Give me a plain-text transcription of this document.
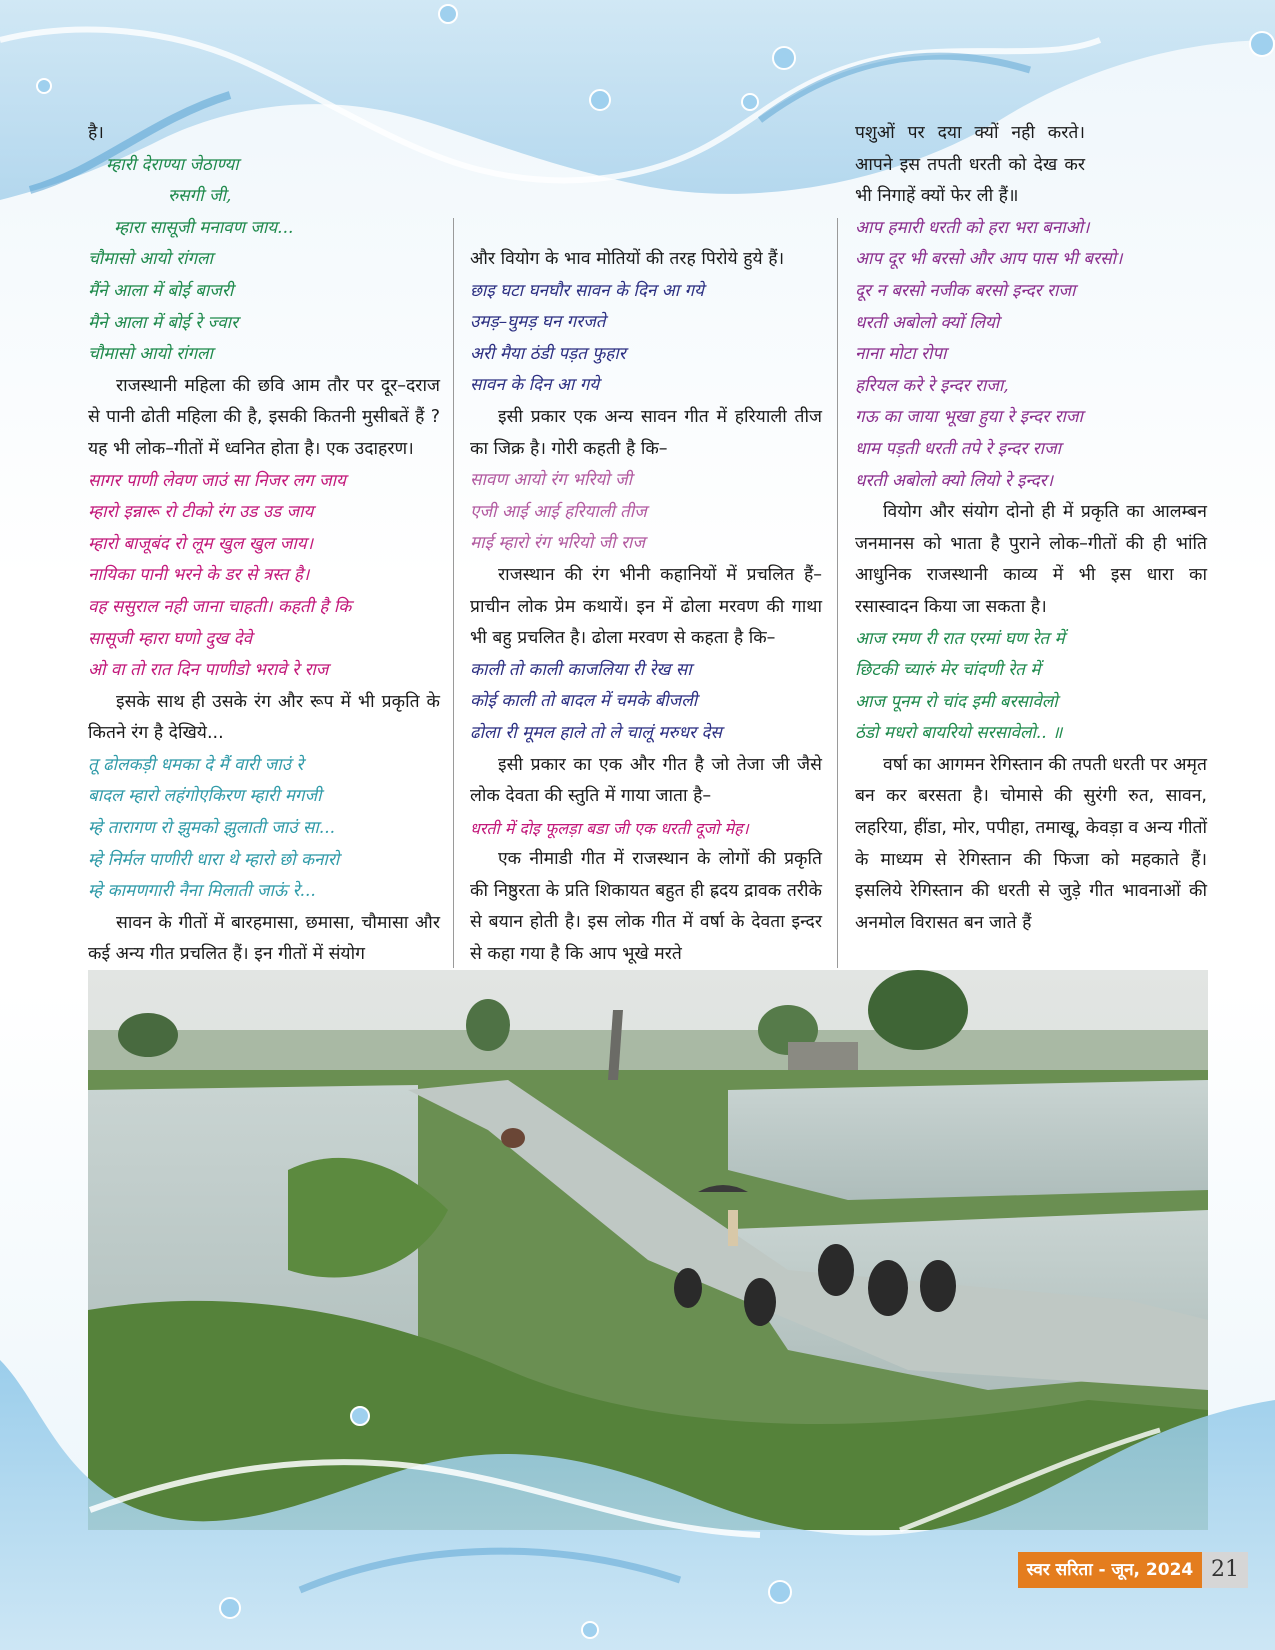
है।

म्हारी देराण्या जेठाण्या

रुसगी जी,

म्हारा सासूजी मनावण जाय...

चौमासो आयो रांगला

मैंने आला में बोई बाजरी

मैने आला में बोई रे ज्वार

चौमासो आयो रांगला

राजस्थानी महिला की छवि आम तौर पर दूर–दराज से पानी ढोती महिला की है, इसकी कितनी मुसीबतें हैं ? यह भी लोक–गीतों में ध्वनित होता है। एक उदाहरण।

सागर पाणी लेवण जाउं सा निजर लग जाय

म्हारो इन्नारू रो टीको रंग उड उड जाय

म्हारो बाजूबंद रो लूम खुल खुल जाय।

नायिका पानी भरने के डर से त्रस्त है।

वह ससुराल नही जाना चाहती। कहती है कि

सासूजी म्हारा घणो दुख देवे

ओ वा तो रात दिन पाणीडो भरावे रे राज

इसके साथ ही उसके रंग और रूप में भी प्रकृति के कितने रंग है देखिये...

तू ढोलकड़ी धमका दे मैं वारी जाउं रे

बादल म्हारो लहंगोएकिरण म्हारी मगजी

म्हे तारागण रो झुमको झुलाती जाउं सा...

म्हे निर्मल पाणीरी धारा थे म्हारो छो कनारो

म्हे कामणगारी नैना मिलाती जाऊं रे...

सावन के गीतों में बारहमासा, छमासा, चौमासा और कई अन्य गीत प्रचलित हैं। इन गीतों में संयोग

और वियोग के भाव मोतियों की तरह पिरोये हुये हैं।

छाइ घटा घनघौर सावन के दिन आ गये

उमड़–घुमड़ घन गरजते

अरी मैया ठंडी पड़त फुहार

सावन के दिन आ गये

इसी प्रकार एक अन्य सावन गीत में हरियाली तीज का जिक्र है। गोरी कहती है कि–

सावण आयो रंग भरियो जी

एजी आई आई हरियाली तीज

माई म्हारो रंग भरियो जी राज

राजस्थान की रंग भीनी कहानियों में प्रचलित हैं– प्राचीन लोक प्रेम कथायें। इन में ढोला मरवण की गाथा भी बहु प्रचलित है। ढोला मरवण से कहता है कि–

काली तो काली काजलिया री रेख सा

कोई काली तो बादल में चमके बीजली

ढोला री मूमल हाले तो ले चालूं मरुधर देस

इसी प्रकार का एक और गीत है जो तेजा जी जैसे लोक देवता की स्तुति में गाया जाता है–

धरती में दोइ फूलड़ा बडा जी एक धरती दूजो मेह।

एक नीमाडी गीत में राजस्थान के लोगों की प्रकृति की निष्ठुरता के प्रति शिकायत बहुत ही ह्रदय द्रावक तरीके से बयान होती है। इस लोक गीत में वर्षा के देवता इन्दर से कहा गया है कि आप भूखे मरते

पशुओं पर दया क्यों नही करते। आपने इस तपती धरती को देख कर भी निगाहें क्यों फेर ली हैं॥

आप हमारी धरती को हरा भरा बनाओ।

आप दूर भी बरसो और आप पास भी बरसो।

दूर न बरसो नजीक बरसो इन्दर राजा

धरती अबोलो क्यों लियो

नाना मोटा रोपा

हरियल करे रे इन्दर राजा,

गऊ का जाया भूखा हुया रे इन्दर राजा

धाम पड़ती धरती तपे रे इन्दर राजा

धरती अबोलो क्यो लियो रे इन्दर।

वियोग और संयोग दोनो ही में प्रकृति का आलम्बन जनमानस को भाता है पुराने लोक–गीतों की ही भांति आधुनिक राजस्थानी काव्य में भी इस धारा का रसास्वादन किया जा सकता है।

आज रमण री रात एरमां घण रेत में

छिटकी च्यारुं मेर चांदणी रेत में

आज पूनम रो चांद इमी बरसावेलो

ठंडो मधरो बायरियो सरसावेलो.. ॥

वर्षा का आगमन रेगिस्तान की तपती धरती पर अमृत बन कर बरसता है। चोमासे की सुरंगी रुत, सावन, लहरिया, हींडा, मोर, पपीहा, तमाखू, केवड़ा व अन्य गीतों के माध्यम से रेगिस्तान की फिजा को महकाते हैं। इसलिये रेगिस्तान की धरती से जुड़े गीत भावनाओं की अनमोल विरासत बन जाते हैं

स्वर सरिता - जून, 2024 21
